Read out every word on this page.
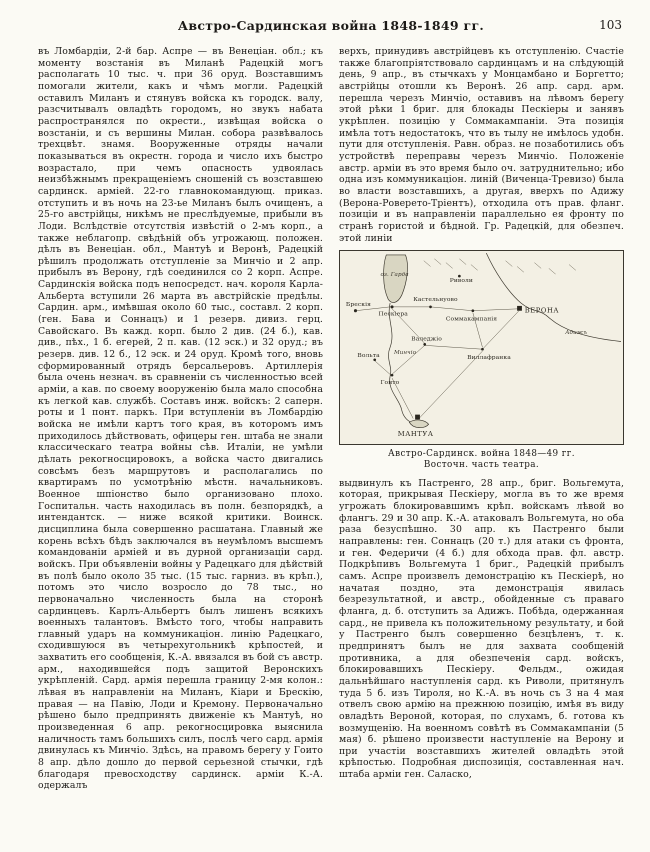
Австро-Сардинская война 1848-1849 гг.	103
въ Ломбардіи, 2-й бар. Аспре — въ Венеціан. обл.; къ моменту возстанія въ Миланѣ Радецкій могъ располагать 10 тыс. ч. при 36 оруд. Возставшимъ помогали жители, какъ и чѣмъ могли. Радецкій оставилъ Миланъ и стянувъ войска къ городск. валу, разсчитывалъ овладѣть городомъ, но звукъ набата распространялся по окрести., извѣщая войска о возстаніи, и съ вершины Милан. собора развѣвалось трехцвѣт. знамя. Вооруженные отряды начали показываться въ окрестн. города и число ихъ быстро возрастало, при чемъ опасность удвоялась неизбѣжнымъ прекращеніемъ сношеній съ возставшею сардинск. арміей. 22-го главнокомандующ. приказ. отступить и въ ночь на 23-ье Миланъ былъ очищенъ, а 25-го австрійцы, никѣмъ не преслѣдуемые, прибыли въ Лоди. Вслѣдствіе отсутствія извѣстій о 2-мъ корп., а также неблагопр. свѣдѣній объ угрожающ. положен. дѣлъ въ Венеціан. обл., Мантуѣ и Веронѣ, Радецкій рѣшилъ продолжать отступленіе за Минчіо и 2 апр. прибылъ въ Верону, гдѣ соединился со 2 корп. Аспре. Сардинскія войска подъ непосредст. нач. короля Карла-Альберта вступили 26 марта въ австрійскіе предѣлы. Сардин. арм., имѣвшая около 60 тыс., составл. 2 корп. (ген. Бава и Соннацъ) и 1 резерв. дивиз. герц. Савойскаго. Въ кажд. корп. было 2 див. (24 б.), кав. див., пѣх., 1 б. егерей, 2 п. кав. (12 эск.) и 32 оруд.; въ резерв. див. 12 б., 12 эск. и 24 оруд. Кромѣ того, вновь сформированный отрядъ берсальеровъ. Артиллерія была очень незнач. въ сравненіи съ численностью всей арміи, а кав. по своему вооруженію была мало способна къ легкой кав. службѣ. Составъ инж. войскъ: 2 саперн. роты и 1 понт. паркъ. При вступленіи въ Ломбардію войска не имѣли картъ того края, въ которомъ имъ приходилось дѣйствовать, офицеры ген. штаба не знали классическаго театра войны сѣв. Италіи, не умѣли дѣлать рекогносцировокъ, а войска часто двигались совсѣмъ безъ маршрутовъ и располагались по квартирамъ по усмотрѣнію мѣстн. начальниковъ. Военное шпіонство было организовано плохо. Госпитальн. часть находилась въ полн. безпорядкѣ, а интендантск. — ниже всякой критики. Воинск. дисциплина была совершенно расшатана. Главный же корень всѣхъ бѣдъ заключался въ неумѣломъ высшемъ командованіи арміей и въ дурной организаціи сард. войскъ. При объявленіи войны у Радецкаго для дѣйствій въ полѣ было около 35 тыс. (15 тыс. гарниз. въ крѣп.), потомъ это число возросло до 78 тыс., но первоначально численность была на сторонѣ сардинцевъ. Карлъ-Альбертъ былъ лишенъ всякихъ военныхъ талантовъ. Вмѣсто того, чтобы направить главный ударъ на коммуникаціон. линію Радецкаго, сходившуюся въ четырехугольникѣ крѣпостей, и захватить его сообщенія, К.-А. ввязался въ бой съ австр. арм., находившейся подъ защитой Веронскихъ укрѣпленій. Сард. армія перешла границу 2-мя колон.: лѣвая въ направленіи на Миланъ, Кіари и Брескію, правая — на Павію, Лоди и Кремону. Первоначально рѣшено было предпринять движеніе къ Мантуѣ, но произведенная 6 апр. рекогносцировка выяснила наличность тамъ большихъ силъ, послѣ чего сард. армія двинулась къ Минчіо. Здѣсь, на правомъ берегу у Гоито 8 апр. дѣло дошло до первой серьезной стычки, гдѣ благодаря превосходству сардинск. арміи К.-А. одержалъ
верхъ, принудивъ австрійцевъ къ отступленію. Счастіе также благопріятствовало сардинцамъ и на слѣдующій день, 9 апр., въ стычкахъ у Монцамбано и Боргетто; австрійцы отошли къ Веронѣ. 26 апр. сард. арм. перешла черезъ Минчіо, оставивъ на лѣвомъ берегу этой рѣки 1 бриг. для блокады Пескіеры и занявъ укрѣплен. позицію у Соммакампаніи. Эта позиція имѣла тотъ недостатокъ, что въ тылу не имѣлось удобн. пути для отступленія. Равн. образ. не позаботились объ устройствѣ переправы черезъ Минчіо. Положеніе австр. арміи въ это время было оч. затруднительно; ибо одна изъ коммуникаціон. линій (Виченца-Тревизо) была во власти возставшихъ, а другая, вверхъ по Адижу (Верона-Роверето-Тріентъ), отходила отъ прав. фланг. позиціи и въ направленіи параллельно ея фронту по странѣ гористой и бѣдной. Гр. Радецкій, для обезпеч. этой линіи
Брескія
Пескіера
Кастельнуово
Соммакампанія
ВЕРОНА
Валеджіо
Виллафранка
Гоито
Вольта
МАНТУА
Минчіо
Адижъ
Риволи
оз. Гарда
Австро-Сардинск. война 1848—49 гг.
Восточн. часть театра.
выдвинулъ къ Пастренго, 28 апр., бриг. Вольгемута, которая, прикрывая Пескіеру, могла въ то же время угрожать блокировавшимъ крѣп. войскамъ лѣвой во флангъ. 29 и 30 апр. К.-А. атаковалъ Вольгемута, но оба раза безуспѣшно. 30 апр. къ Пастренго были направлены: ген. Соннацъ (20 т.) для атаки съ фронта, и ген. Федеричи (4 б.) для обхода прав. фл. австр. Подкрѣпивъ Вольгемута 1 бриг., Радецкій прибылъ самъ. Аспре произвелъ демонстрацію къ Пескіерѣ, но начатая поздно, эта демонстрація явилась безрезультатной, и австр., обойденные съ праваго фланга, д. б. отступить за Адижъ. Побѣда, одержанная сард., не привела къ положительному результату, и бой у Пастренго былъ совершенно безцѣленъ, т. к. предпринятъ былъ не для захвата сообщеній противника, а для обезпеченія сард. войскъ, блокировавшихъ Пескіеру. Фельдм., ожидая дальнѣйшаго наступленія сард. къ Риволи, притянулъ туда 5 б. изъ Тироля, но К.-А. въ ночь съ 3 на 4 мая отвелъ свою армію на прежнюю позицію, имѣя въ виду овладѣть Вероной, которая, по слухамъ, б. готова къ возмущенію. На военномъ совѣтѣ въ Соммакампаніи (5 мая) б. рѣшено произвести наступленіе на Верону и при участіи возставшихъ жителей овладѣть этой крѣпостью. Подробная диспозиція, составленная нач. штаба арміи ген. Саласко,
